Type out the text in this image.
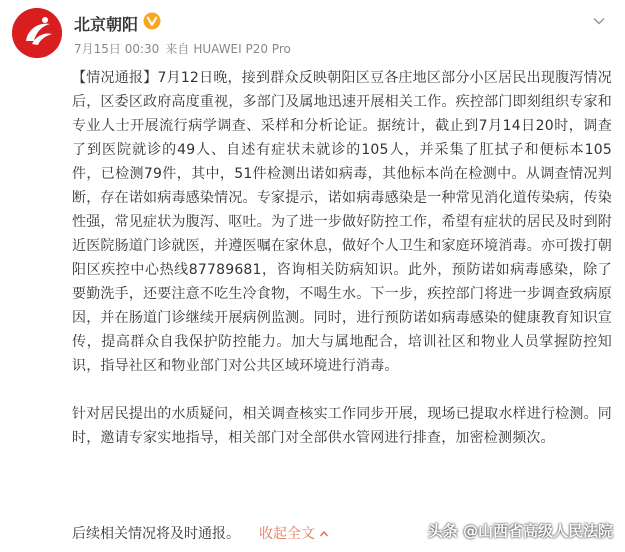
北京朝阳
7月15日 00:30 来自 HUAWEI P20 Pro

【情况通报】7月12日晚，接到群众反映朝阳区豆各庄地区部分小区居民出现腹泻情况后，区委区政府高度重视，多部门及属地迅速开展相关工作。疾控部门即刻组织专家和专业人士开展流行病学调查、采样和分析论证。据统计，截止到7月14日20时，调查了到医院就诊的49人、自述有症状未就诊的105人，并采集了肛拭子和便标本105件，已检测79件，其中，51件检测出诺如病毒，其他标本尚在检测中。从调查情况判断，存在诺如病毒感染情况。专家提示，诺如病毒感染是一种常见消化道传染病，传染性强，常见症状为腹泻、呕吐。为了进一步做好防控工作，希望有症状的居民及时到附近医院肠道门诊就医，并遵医嘱在家休息，做好个人卫生和家庭环境消毒。亦可拨打朝阳区疾控中心热线87789681，咨询相关防病知识。此外，预防诺如病毒感染，除了要勤洗手，还要注意不吃生冷食物，不喝生水。下一步，疾控部门将进一步调查致病原因，并在肠道门诊继续开展病例监测。同时，进行预防诺如病毒感染的健康教育知识宣传，提高群众自我保护防控能力。加大与属地配合，培训社区和物业人员掌握防控知识，指导社区和物业部门对公共区域环境进行消毒。

针对居民提出的水质疑问，相关调查核实工作同步开展，现场已提取水样进行检测。同时，邀请专家实地指导，相关部门对全部供水管网进行排查，加密检测频次。

后续相关情况将及时通报。 收起全文	头条 @山西省高级人民法院
